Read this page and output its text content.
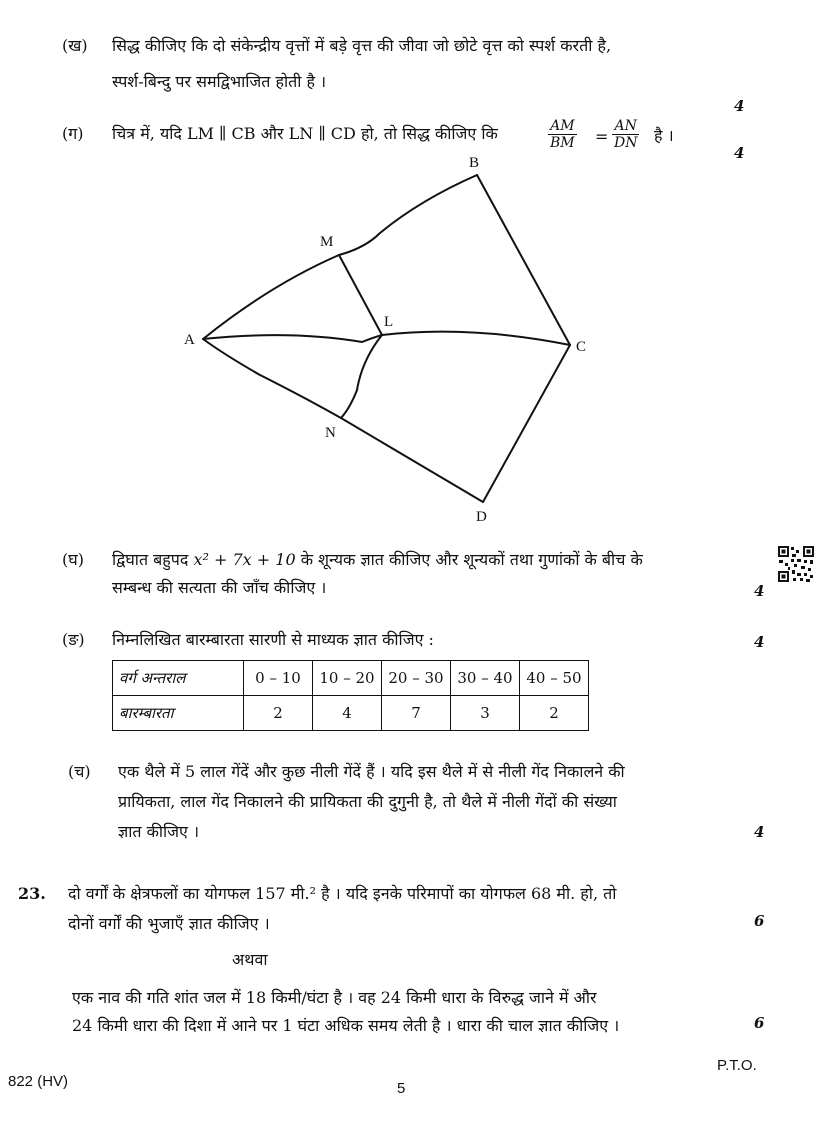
(ख) सिद्ध कीजिए कि दो संकेन्द्रीय वृत्तों में बड़े वृत्त की जीवा जो छोटे वृत्त को स्पर्श करती है,
स्पर्श-बिन्दु पर समद्विभाजित होती है ।
4
(ग) चित्र में, यदि LM ∥ CB और LN ∥ CD हो, तो सिद्ध कीजिए कि	$\frac{AM}{BM} = \frac{AN}{DN}$ है ।
4
B
M
L
A	C
N
D
(घ) द्विघात बहुपद x² + 7x + 10 के शून्यक ज्ञात कीजिए और शून्यकों तथा गुणांकों के बीच के
सम्बन्ध की सत्यता की जाँच कीजिए ।	4
(ङ) निम्नलिखित बारम्बारता सारणी से माध्यक ज्ञात कीजिए :	4
वर्ग अन्तराल	0 – 10	10 – 20	20 – 30	30 – 40	40 – 50
बारम्बारता	2	4	7	3	2
(च) एक थैले में 5 लाल गेंदें और कुछ नीली गेंदें हैं । यदि इस थैले में से नीली गेंद निकालने की
प्रायिकता, लाल गेंद निकालने की प्रायिकता की दुगुनी है, तो थैले में नीली गेंदों की संख्या
ज्ञात कीजिए ।	4
23. दो वर्गों के क्षेत्रफलों का योगफल 157 मी.² है । यदि इनके परिमापों का योगफल 68 मी. हो, तो
दोनों वर्गों की भुजाएँ ज्ञात कीजिए ।	6
अथवा
एक नाव की गति शांत जल में 18 किमी/घंटा है । वह 24 किमी धारा के विरुद्ध जाने में और
24 किमी धारा की दिशा में आने पर 1 घंटा अधिक समय लेती है । धारा की चाल ज्ञात कीजिए ।	6
822 (HV)	5
P.T.O.
